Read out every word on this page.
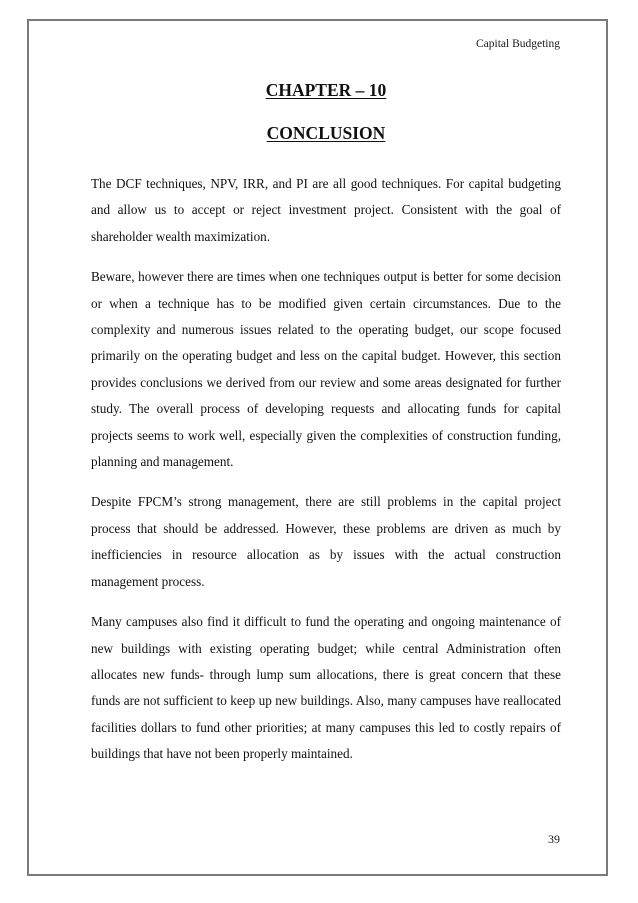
Capital Budgeting
CHAPTER – 10
CONCLUSION

The DCF techniques, NPV, IRR, and PI are all good techniques. For capital budgeting and allow us to accept or reject investment project. Consistent with the goal of shareholder wealth maximization.

Beware, however there are times when one techniques output is better for some decision or when a technique has to be modified given certain circumstances. Due to the complexity and numerous issues related to the operating budget, our scope focused primarily on the operating budget and less on the capital budget. However, this section provides conclusions we derived from our review and some areas designated for further study. The overall process of developing requests and allocating funds for capital projects seems to work well, especially given the complexities of construction funding, planning and management.

Despite FPCM’s strong management, there are still problems in the capital project process that should be addressed. However, these problems are driven as much by inefficiencies in resource allocation as by issues with the actual construction management process.

Many campuses also find it difficult to fund the operating and ongoing maintenance of new buildings with existing operating budget; while central Administration often allocates new funds- through lump sum allocations, there is great concern that these funds are not sufficient to keep up new buildings. Also, many campuses have reallocated facilities dollars to fund other priorities; at many campuses this led to costly repairs of buildings that have not been properly maintained.

39
